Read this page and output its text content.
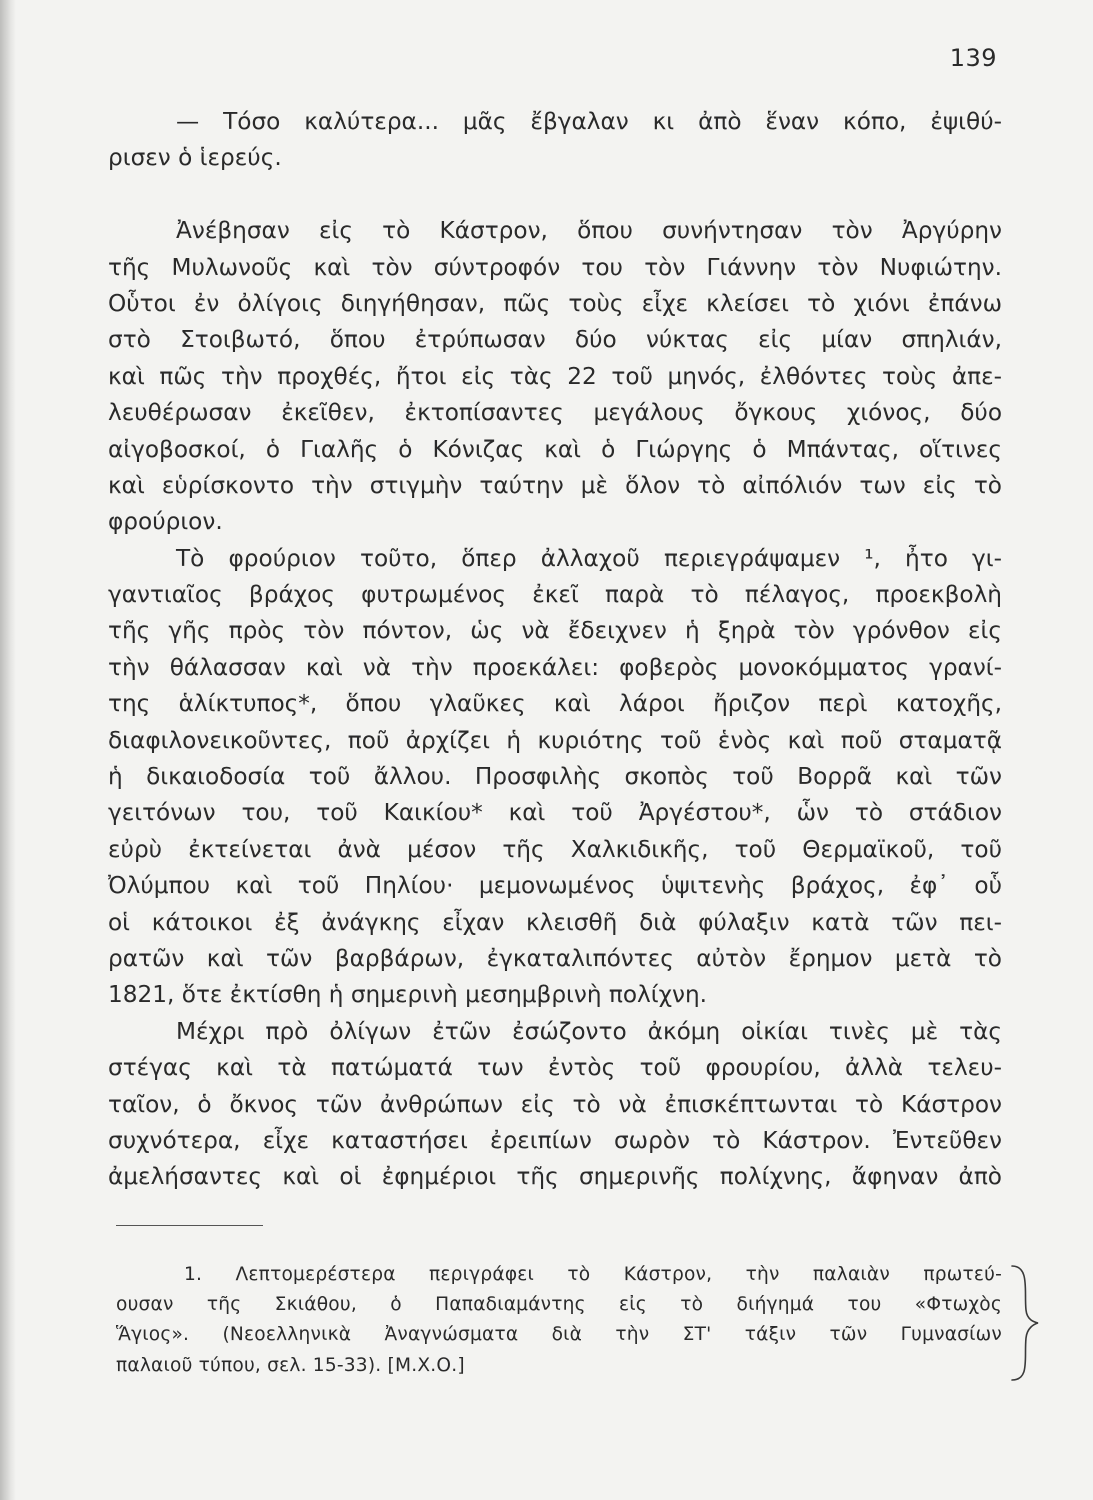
139
— Τόσο καλύτερα... μᾶς ἔβγαλαν κι ἀπὸ ἕναν κόπο, ἐψιθύ-
ρισεν ὁ ἱερεύς.
Ἀνέβησαν εἰς τὸ Κάστρον, ὅπου συνήντησαν τὸν Ἀργύρην
τῆς Μυλωνοῦς καὶ τὸν σύντροφόν του τὸν Γιάννην τὸν Νυφιώτην.
Οὗτοι ἐν ὀλίγοις διηγήθησαν, πῶς τοὺς εἶχε κλείσει τὸ χιόνι ἐπάνω
στὸ Στοιβωτό, ὅπου ἐτρύπωσαν δύο νύκτας εἰς μίαν σπηλιάν,
καὶ πῶς τὴν προχθές, ἤτοι εἰς τὰς 22 τοῦ μηνός, ἐλθόντες τοὺς ἀπε-
λευθέρωσαν ἐκεῖθεν, ἐκτοπίσαντες μεγάλους ὄγκους χιόνος, δύο
αἰγοβοσκοί, ὁ Γιαλῆς ὁ Κόνιζας καὶ ὁ Γιώργης ὁ Μπάντας, οἵτινες
καὶ εὑρίσκοντο τὴν στιγμὴν ταύτην μὲ ὅλον τὸ αἰπόλιόν των εἰς τὸ
φρούριον.
Τὸ φρούριον τοῦτο, ὅπερ ἀλλαχοῦ περιεγράψαμεν ¹, ἦτο γι-
γαντιαῖος βράχος φυτρωμένος ἐκεῖ παρὰ τὸ πέλαγος, προεκβολὴ
τῆς γῆς πρὸς τὸν πόντον, ὡς νὰ ἔδειχνεν ἡ ξηρὰ τὸν γρόνθον εἰς
τὴν θάλασσαν καὶ νὰ τὴν προεκάλει: φοβερὸς μονοκόμματος γρανί-
της ἁλίκτυπος*, ὅπου γλαῦκες καὶ λάροι ἤριζον περὶ κατοχῆς,
διαφιλονεικοῦντες, ποῦ ἀρχίζει ἡ κυριότης τοῦ ἑνὸς καὶ ποῦ σταματᾷ
ἡ δικαιοδοσία τοῦ ἄλλου. Προσφιλὴς σκοπὸς τοῦ Βορρᾶ καὶ τῶν
γειτόνων του, τοῦ Καικίου* καὶ τοῦ Ἀργέστου*, ὧν τὸ στάδιον
εὐρὺ ἐκτείνεται ἀνὰ μέσον τῆς Χαλκιδικῆς, τοῦ Θερμαϊκοῦ, τοῦ
Ὀλύμπου καὶ τοῦ Πηλίου· μεμονωμένος ὑψιτενὴς βράχος, ἐφ᾽ οὗ
οἱ κάτοικοι ἐξ ἀνάγκης εἶχαν κλεισθῆ διὰ φύλαξιν κατὰ τῶν πει-
ρατῶν καὶ τῶν βαρβάρων, ἐγκαταλιπόντες αὐτὸν ἔρημον μετὰ τὸ
1821, ὅτε ἐκτίσθη ἡ σημερινὴ μεσημβρινὴ πολίχνη.
Μέχρι πρὸ ὀλίγων ἐτῶν ἐσώζοντο ἀκόμη οἰκίαι τινὲς μὲ τὰς
στέγας καὶ τὰ πατώματά των ἐντὸς τοῦ φρουρίου, ἀλλὰ τελευ-
ταῖον, ὁ ὄκνος τῶν ἀνθρώπων εἰς τὸ νὰ ἐπισκέπτωνται τὸ Κάστρον
συχνότερα, εἶχε καταστήσει ἐρειπίων σωρὸν τὸ Κάστρον. Ἐντεῦθεν
ἀμελήσαντες καὶ οἱ ἐφημέριοι τῆς σημερινῆς πολίχνης, ἄφηναν ἀπὸ
1. Λεπτομερέστερα περιγράφει τὸ Κάστρον, τὴν παλαιὰν πρωτεύ-
ουσαν τῆς Σκιάθου, ὁ Παπαδιαμάντης εἰς τὸ διήγημά του «Φτωχὸς
Ἅγιος». (Νεοελληνικὰ Ἀναγνώσματα διὰ τὴν ΣΤ' τάξιν τῶν Γυμνασίων
παλαιοῦ τύπου, σελ. 15-33). [Μ.Χ.Ο.]
